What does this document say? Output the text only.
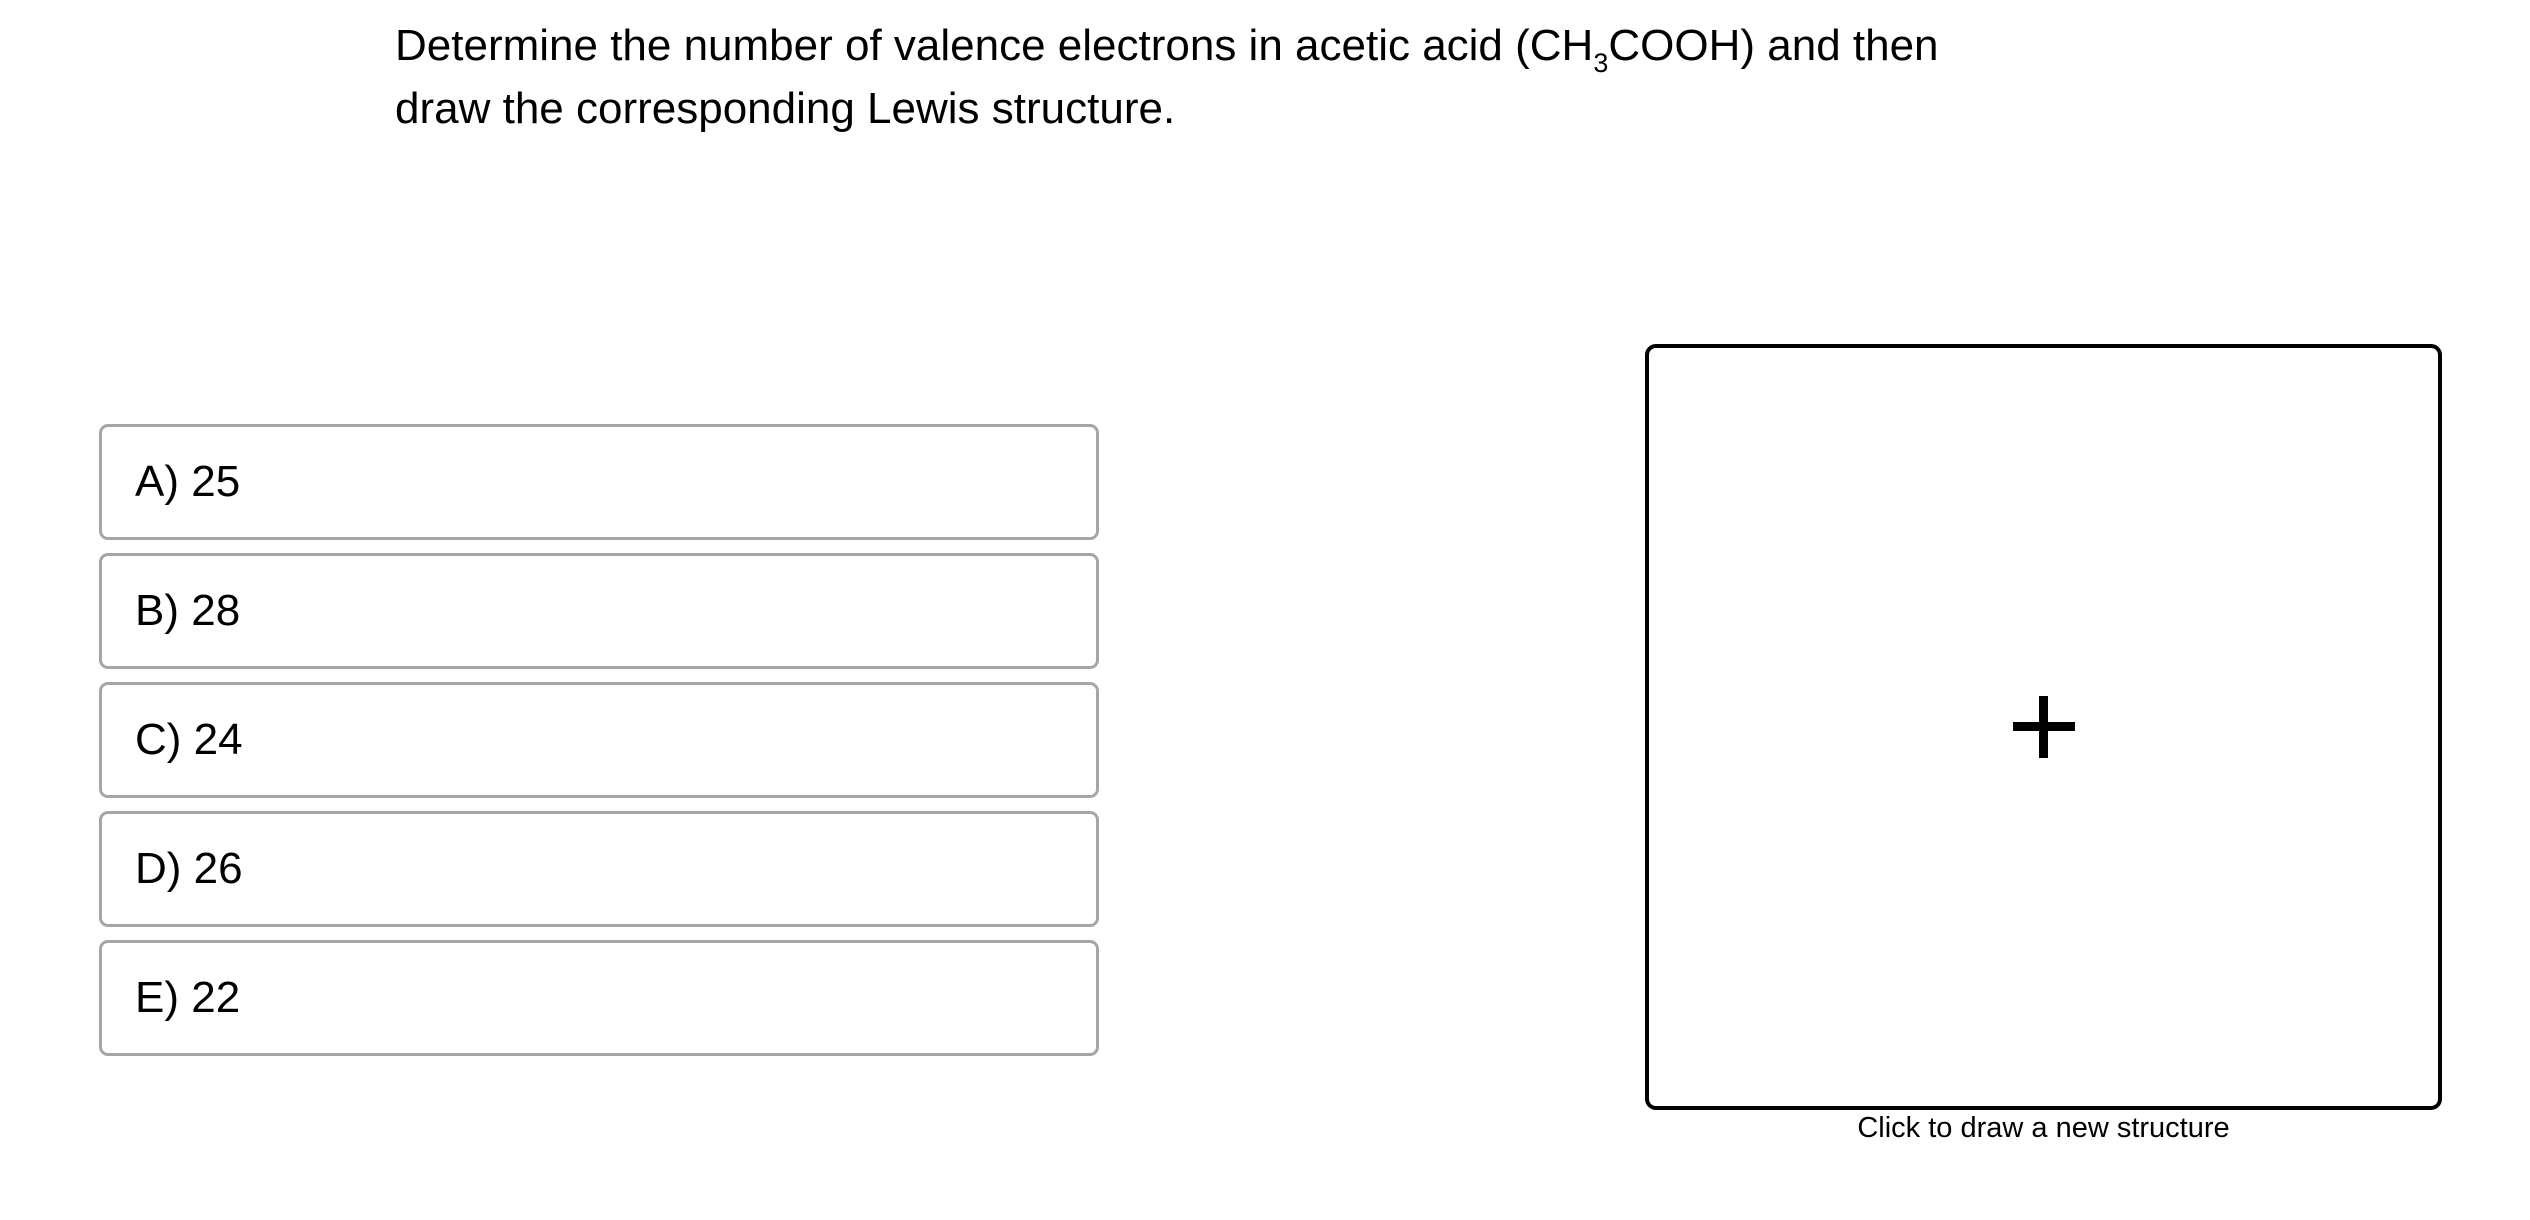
Determine the number of valence electrons in acetic acid $(CH_3COOH)$ and then draw the corresponding Lewis structure.

A) 25
B) 28
C) 24
D) 26
E) 22
Click to draw a new structure
